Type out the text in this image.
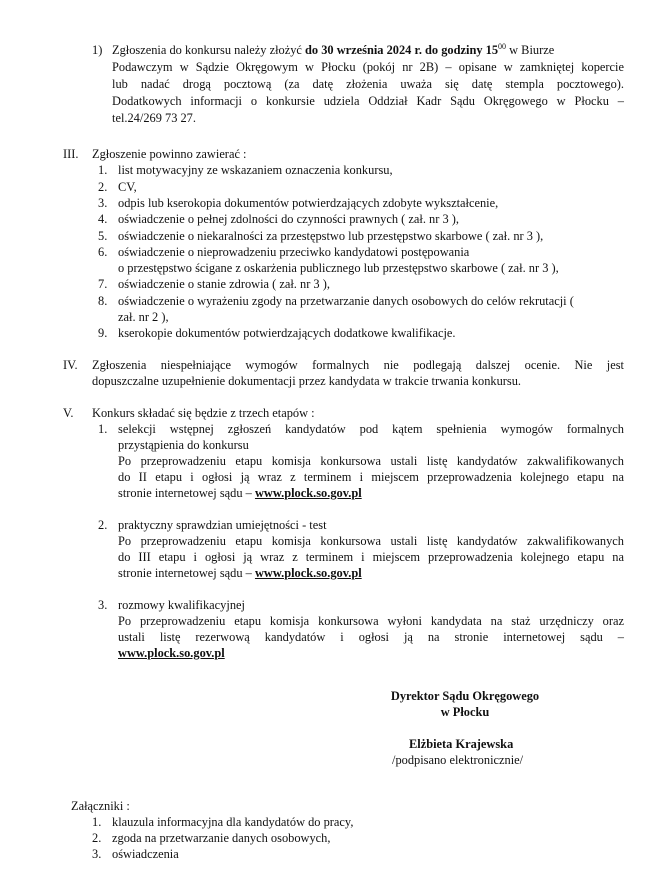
1) Zgłoszenia do konkursu należy złożyć do 30 września 2024 r. do godziny $15^{00}$ w Biurze
Podawczym w Sądzie Okręgowym w Płocku (pokój nr 2B) – opisane w zamkniętej kopercie
lub nadać drogą pocztową (za datę złożenia uważa się datę stempla pocztowego).
Dodatkowych informacji o konkursie udziela Oddział Kadr Sądu Okręgowego w Płocku –
tel.24/269 73 27.
III. Zgłoszenie powinno zawierać :
1. list motywacyjny ze wskazaniem oznaczenia konkursu,
2. CV,
3. odpis lub kserokopia dokumentów potwierdzających zdobyte wykształcenie,
4. oświadczenie o pełnej zdolności do czynności prawnych ( zał. nr 3 ),
5. oświadczenie o niekaralności za przestępstwo lub przestępstwo skarbowe ( zał. nr 3 ),
6. oświadczenie o nieprowadzeniu przeciwko kandydatowi postępowania
o przestępstwo ścigane z oskarżenia publicznego lub przestępstwo skarbowe ( zał. nr 3 ),
7. oświadczenie o stanie zdrowia ( zał. nr 3 ),
8. oświadczenie o wyrażeniu zgody na przetwarzanie danych osobowych do celów rekrutacji (
zał. nr 2 ),
9. kserokopie dokumentów potwierdzających dodatkowe kwalifikacje.
IV. Zgłoszenia niespełniające wymogów formalnych nie podlegają dalszej ocenie. Nie jest
dopuszczalne uzupełnienie dokumentacji przez kandydata w trakcie trwania konkursu.
V. Konkurs składać się będzie z trzech etapów :
1. selekcji wstępnej zgłoszeń kandydatów pod kątem spełnienia wymogów formalnych
przystąpienia do konkursu
Po przeprowadzeniu etapu komisja konkursowa ustali listę kandydatów zakwalifikowanych
do II etapu i ogłosi ją wraz z terminem i miejscem przeprowadzenia kolejnego etapu na
stronie internetowej sądu – www.plock.so.gov.pl
2. praktyczny sprawdzian umiejętności - test
Po przeprowadzeniu etapu komisja konkursowa ustali listę kandydatów zakwalifikowanych
do III etapu i ogłosi ją wraz z terminem i miejscem przeprowadzenia kolejnego etapu na
stronie internetowej sądu – www.plock.so.gov.pl
3. rozmowy kwalifikacyjnej
Po przeprowadzeniu etapu komisja konkursowa wyłoni kandydata na staż urzędniczy oraz
ustali listę rezerwową kandydatów i ogłosi ją na stronie internetowej sądu –
www.plock.so.gov.pl
Dyrektor Sądu Okręgowego
w Płocku
Elżbieta Krajewska
/podpisano elektronicznie/
Załączniki :
1. klauzula informacyjna dla kandydatów do pracy,
2. zgoda na przetwarzanie danych osobowych,
3. oświadczenia
